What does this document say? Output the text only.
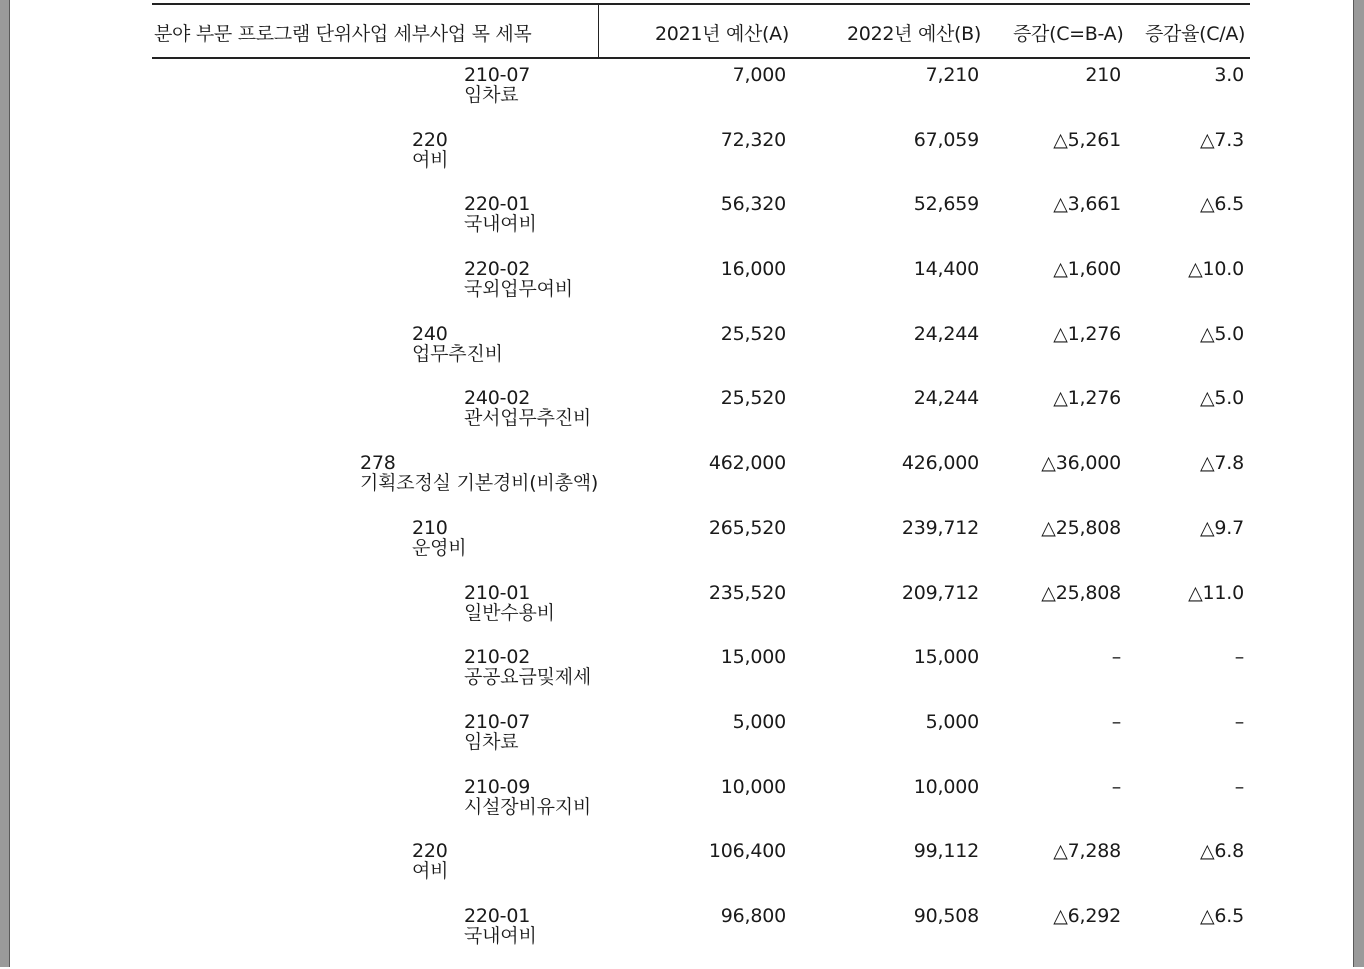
분야 부문 프로그램 단위사업 세부사업 목 세목	2021년 예산(A)	2022년 예산(B) 증감(C=B-A) 증감율(C/A)
210-07
임차료
7,000	7,210	210	3.0
220
여비
72,320	67,059	△5,261	△7.3
220-01
국내여비
56,320	52,659	△3,661	△6.5
220-02
국외업무여비
16,000	14,400	△1,600	△10.0
240
업무추진비
25,520	24,244	△1,276	△5.0
240-02
관서업무추진비
25,520	24,244	△1,276	△5.0
278
기획조정실 기본경비(비총액)
462,000	426,000	△36,000	△7.8
210
운영비
265,520	239,712	△25,808	△9.7
210-01
일반수용비
235,520	209,712	△25,808	△11.0
210-02
공공요금및제세
15,000	15,000	–	–
210-07
임차료
5,000	5,000	–	–
210-09
시설장비유지비
10,000	10,000	–	–
220
여비
106,400	99,112	△7,288	△6.8
220-01
국내여비
96,800	90,508	△6,292	△6.5
